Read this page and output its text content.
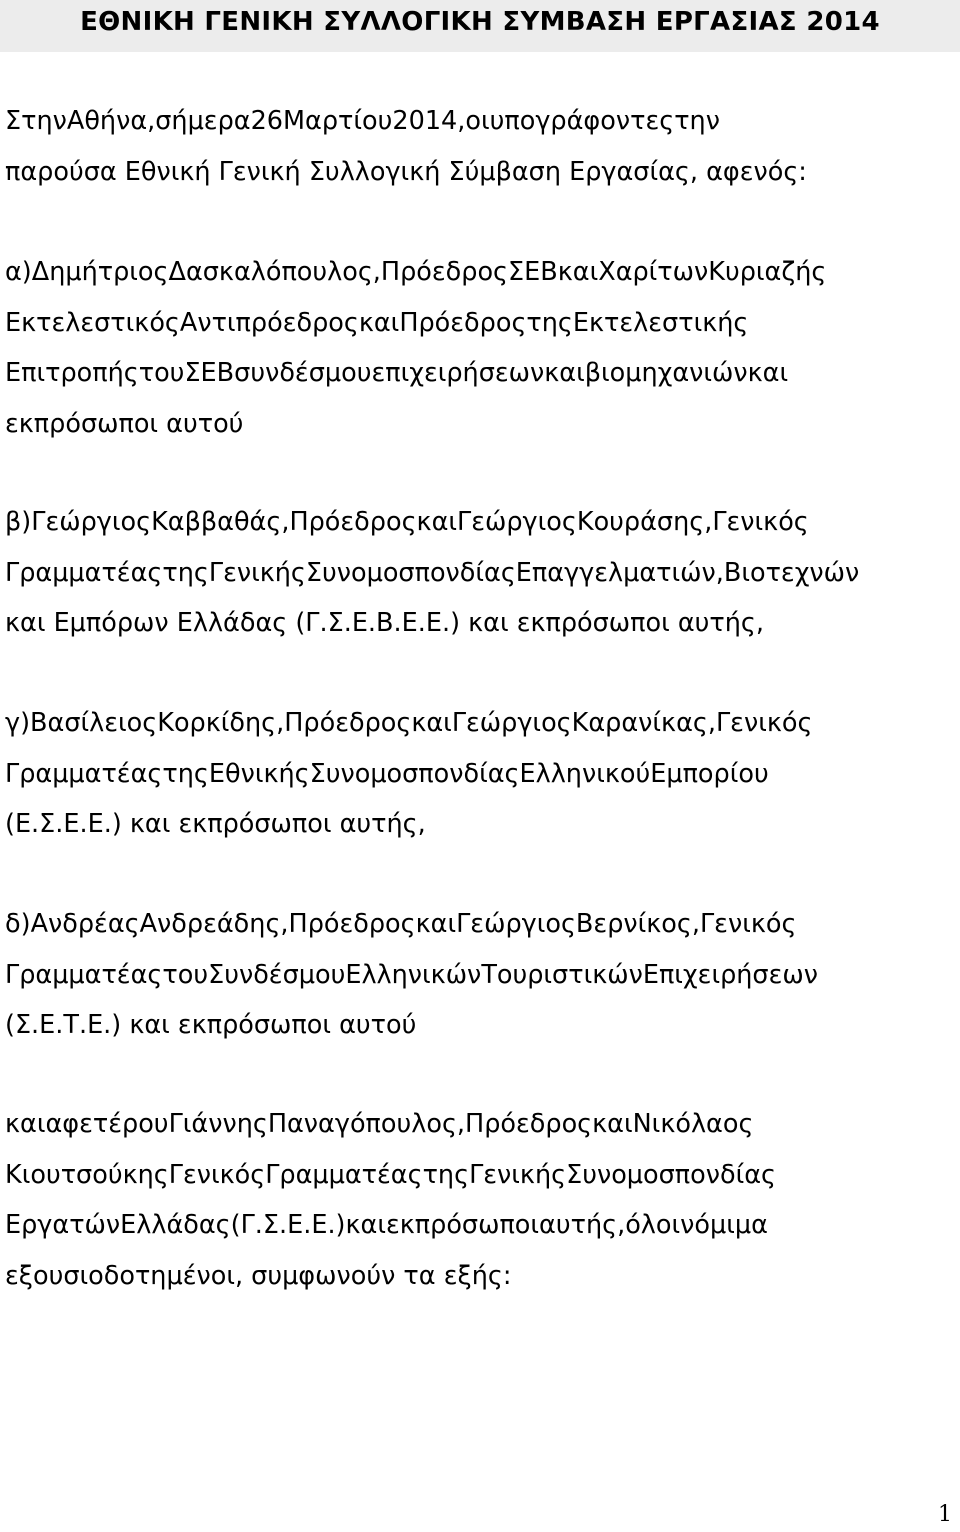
ΕΘΝΙΚΗ ΓΕΝΙΚΗ ΣΥΛΛΟΓΙΚΗ ΣΥΜΒΑΣΗ ΕΡΓΑΣΙΑΣ 2014
ΣτηνΑθήνα,σήμερα26Μαρτίου2014,οιυπογράφοντεςτην
παρούσα Εθνική Γενική Συλλογική Σύμβαση Εργασίας, αφενός:
α)ΔημήτριοςΔασκαλόπουλος,ΠρόεδροςΣΕΒκαιΧαρίτωνΚυριαζής
ΕκτελεστικόςΑντιπρόεδροςκαιΠρόεδροςτηςΕκτελεστικής
ΕπιτροπήςτουΣΕΒσυνδέσμουεπιχειρήσεωνκαιβιομηχανιώνκαι
εκπρόσωποι αυτού
β)ΓεώργιοςΚαββαθάς,ΠρόεδροςκαιΓεώργιοςΚουράσης,Γενικός
ΓραμματέαςτηςΓενικήςΣυνομοσπονδίαςΕπαγγελματιών,Βιοτεχνών
και Εμπόρων Ελλάδας (Γ.Σ.Ε.Β.Ε.Ε.) και εκπρόσωποι αυτής,
γ)ΒασίλειοςΚορκίδης,ΠρόεδροςκαιΓεώργιοςΚαρανίκας,Γενικός
ΓραμματέαςτηςΕθνικήςΣυνομοσπονδίαςΕλληνικούΕμπορίου
(Ε.Σ.Ε.Ε.) και εκπρόσωποι αυτής,
δ)ΑνδρέαςΑνδρεάδης,ΠρόεδροςκαιΓεώργιοςΒερνίκος,Γενικός
ΓραμματέαςτουΣυνδέσμουΕλληνικώνΤουριστικώνΕπιχειρήσεων
(Σ.Ε.Τ.Ε.) και εκπρόσωποι αυτού
καιαφετέρουΓιάννηςΠαναγόπουλος,ΠρόεδροςκαιΝικόλαος
ΚιουτσούκηςΓενικόςΓραμματέαςτηςΓενικήςΣυνομοσπονδίας
ΕργατώνΕλλάδας(Γ.Σ.Ε.Ε.)καιεκπρόσωποιαυτής,όλοινόμιμα
εξουσιοδοτημένοι, συμφωνούν τα εξής:
1
